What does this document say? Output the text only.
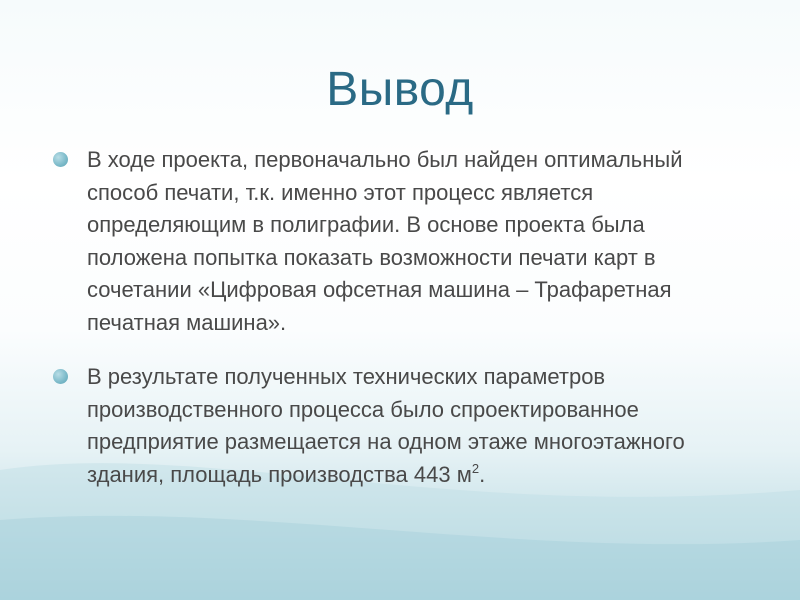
Вывод
В ходе проекта, первоначально был найден оптимальный способ печати, т.к. именно этот процесс является определяющим в полиграфии. В основе проекта была положена попытка показать возможности печати карт в сочетании «Цифровая офсетная машина – Трафаретная печатная машина».
В результате полученных технических параметров производственного процесса было спроектированное предприятие размещается на одном этаже многоэтажного здания, площадь производства 443 $м^2$.
